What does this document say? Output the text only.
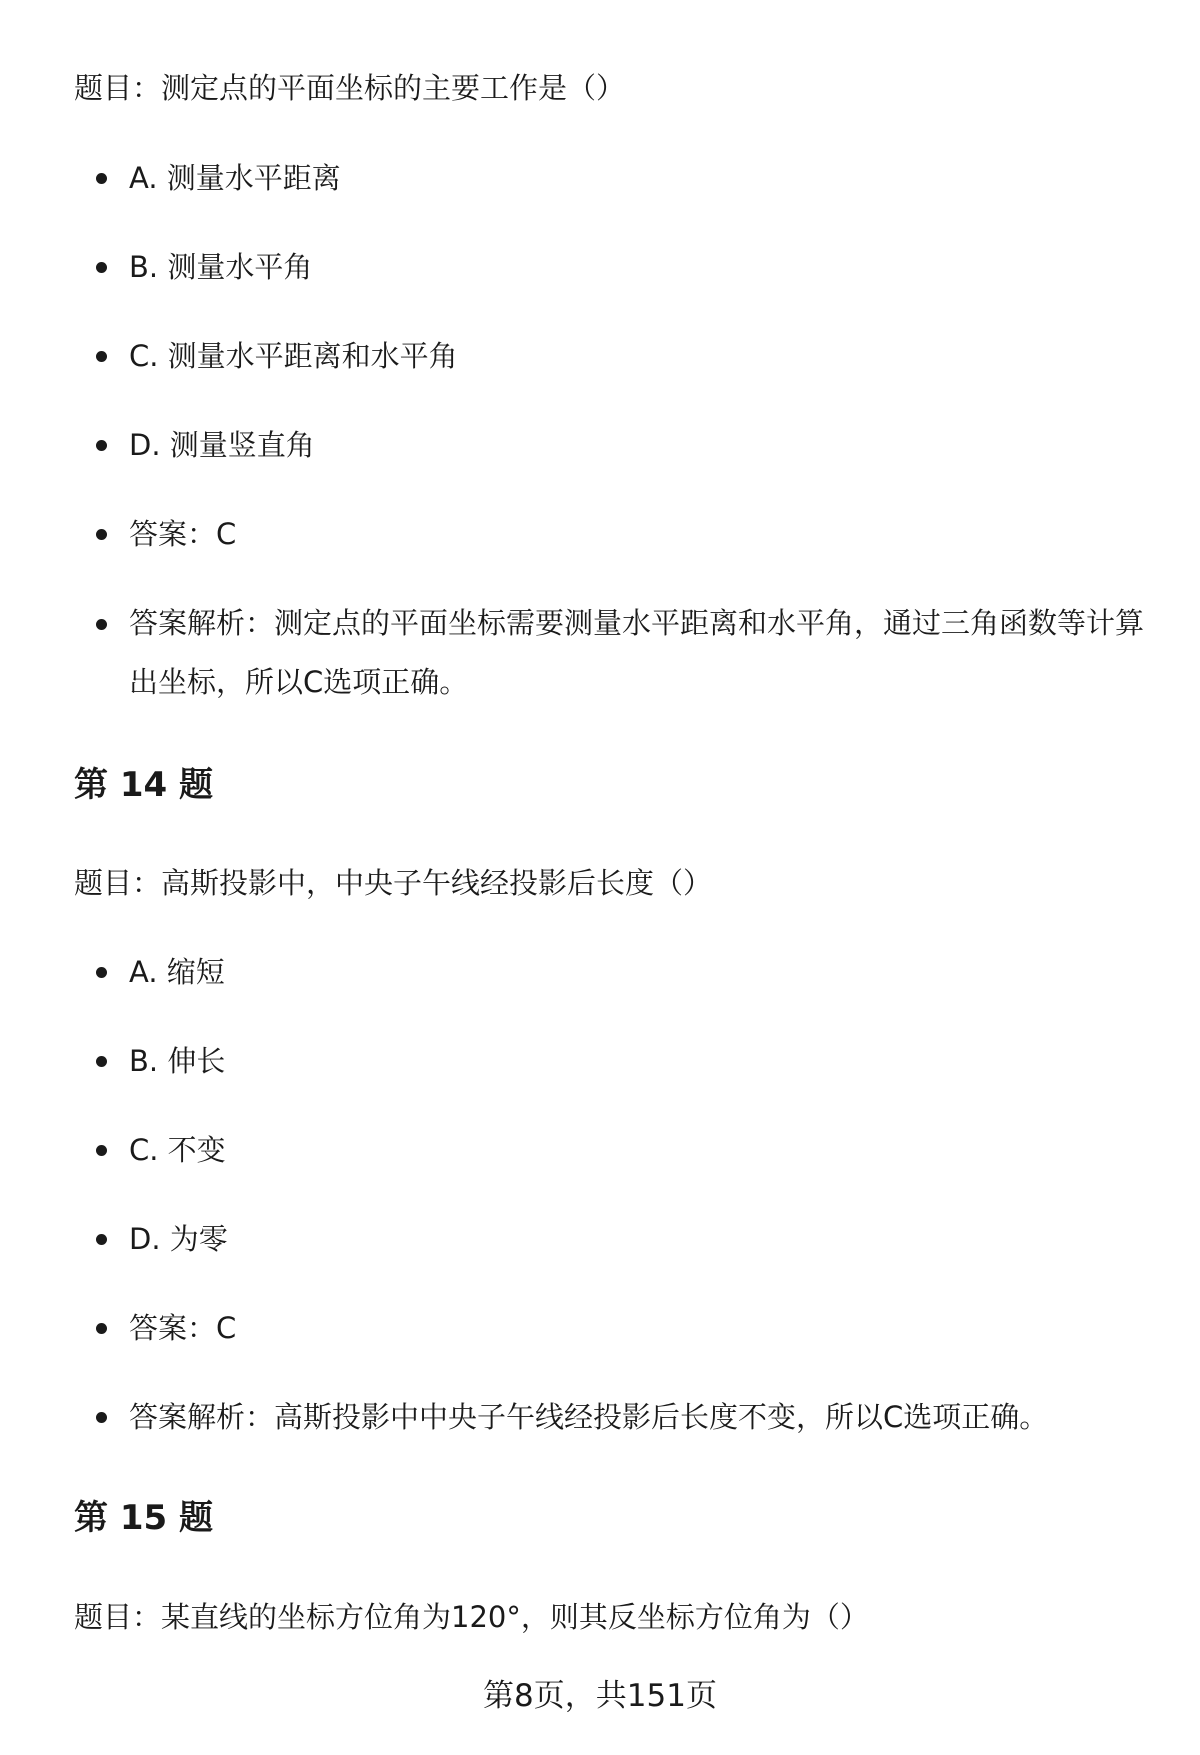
题目：测定点的平面坐标的主要工作是（）
A. 测量水平距离
B. 测量水平角
C. 测量水平距离和水平角
D. 测量竖直角
答案：C
答案解析：测定点的平面坐标需要测量水平距离和水平角，通过三角函数等计算出坐标，所以C选项正确。
第 14 题
题目：高斯投影中，中央子午线经投影后长度（）
A. 缩短
B. 伸长
C. 不变
D. 为零
答案：C
答案解析：高斯投影中中央子午线经投影后长度不变，所以C选项正确。
第 15 题
题目：某直线的坐标方位角为120°，则其反坐标方位角为（）
第8页，共151页
